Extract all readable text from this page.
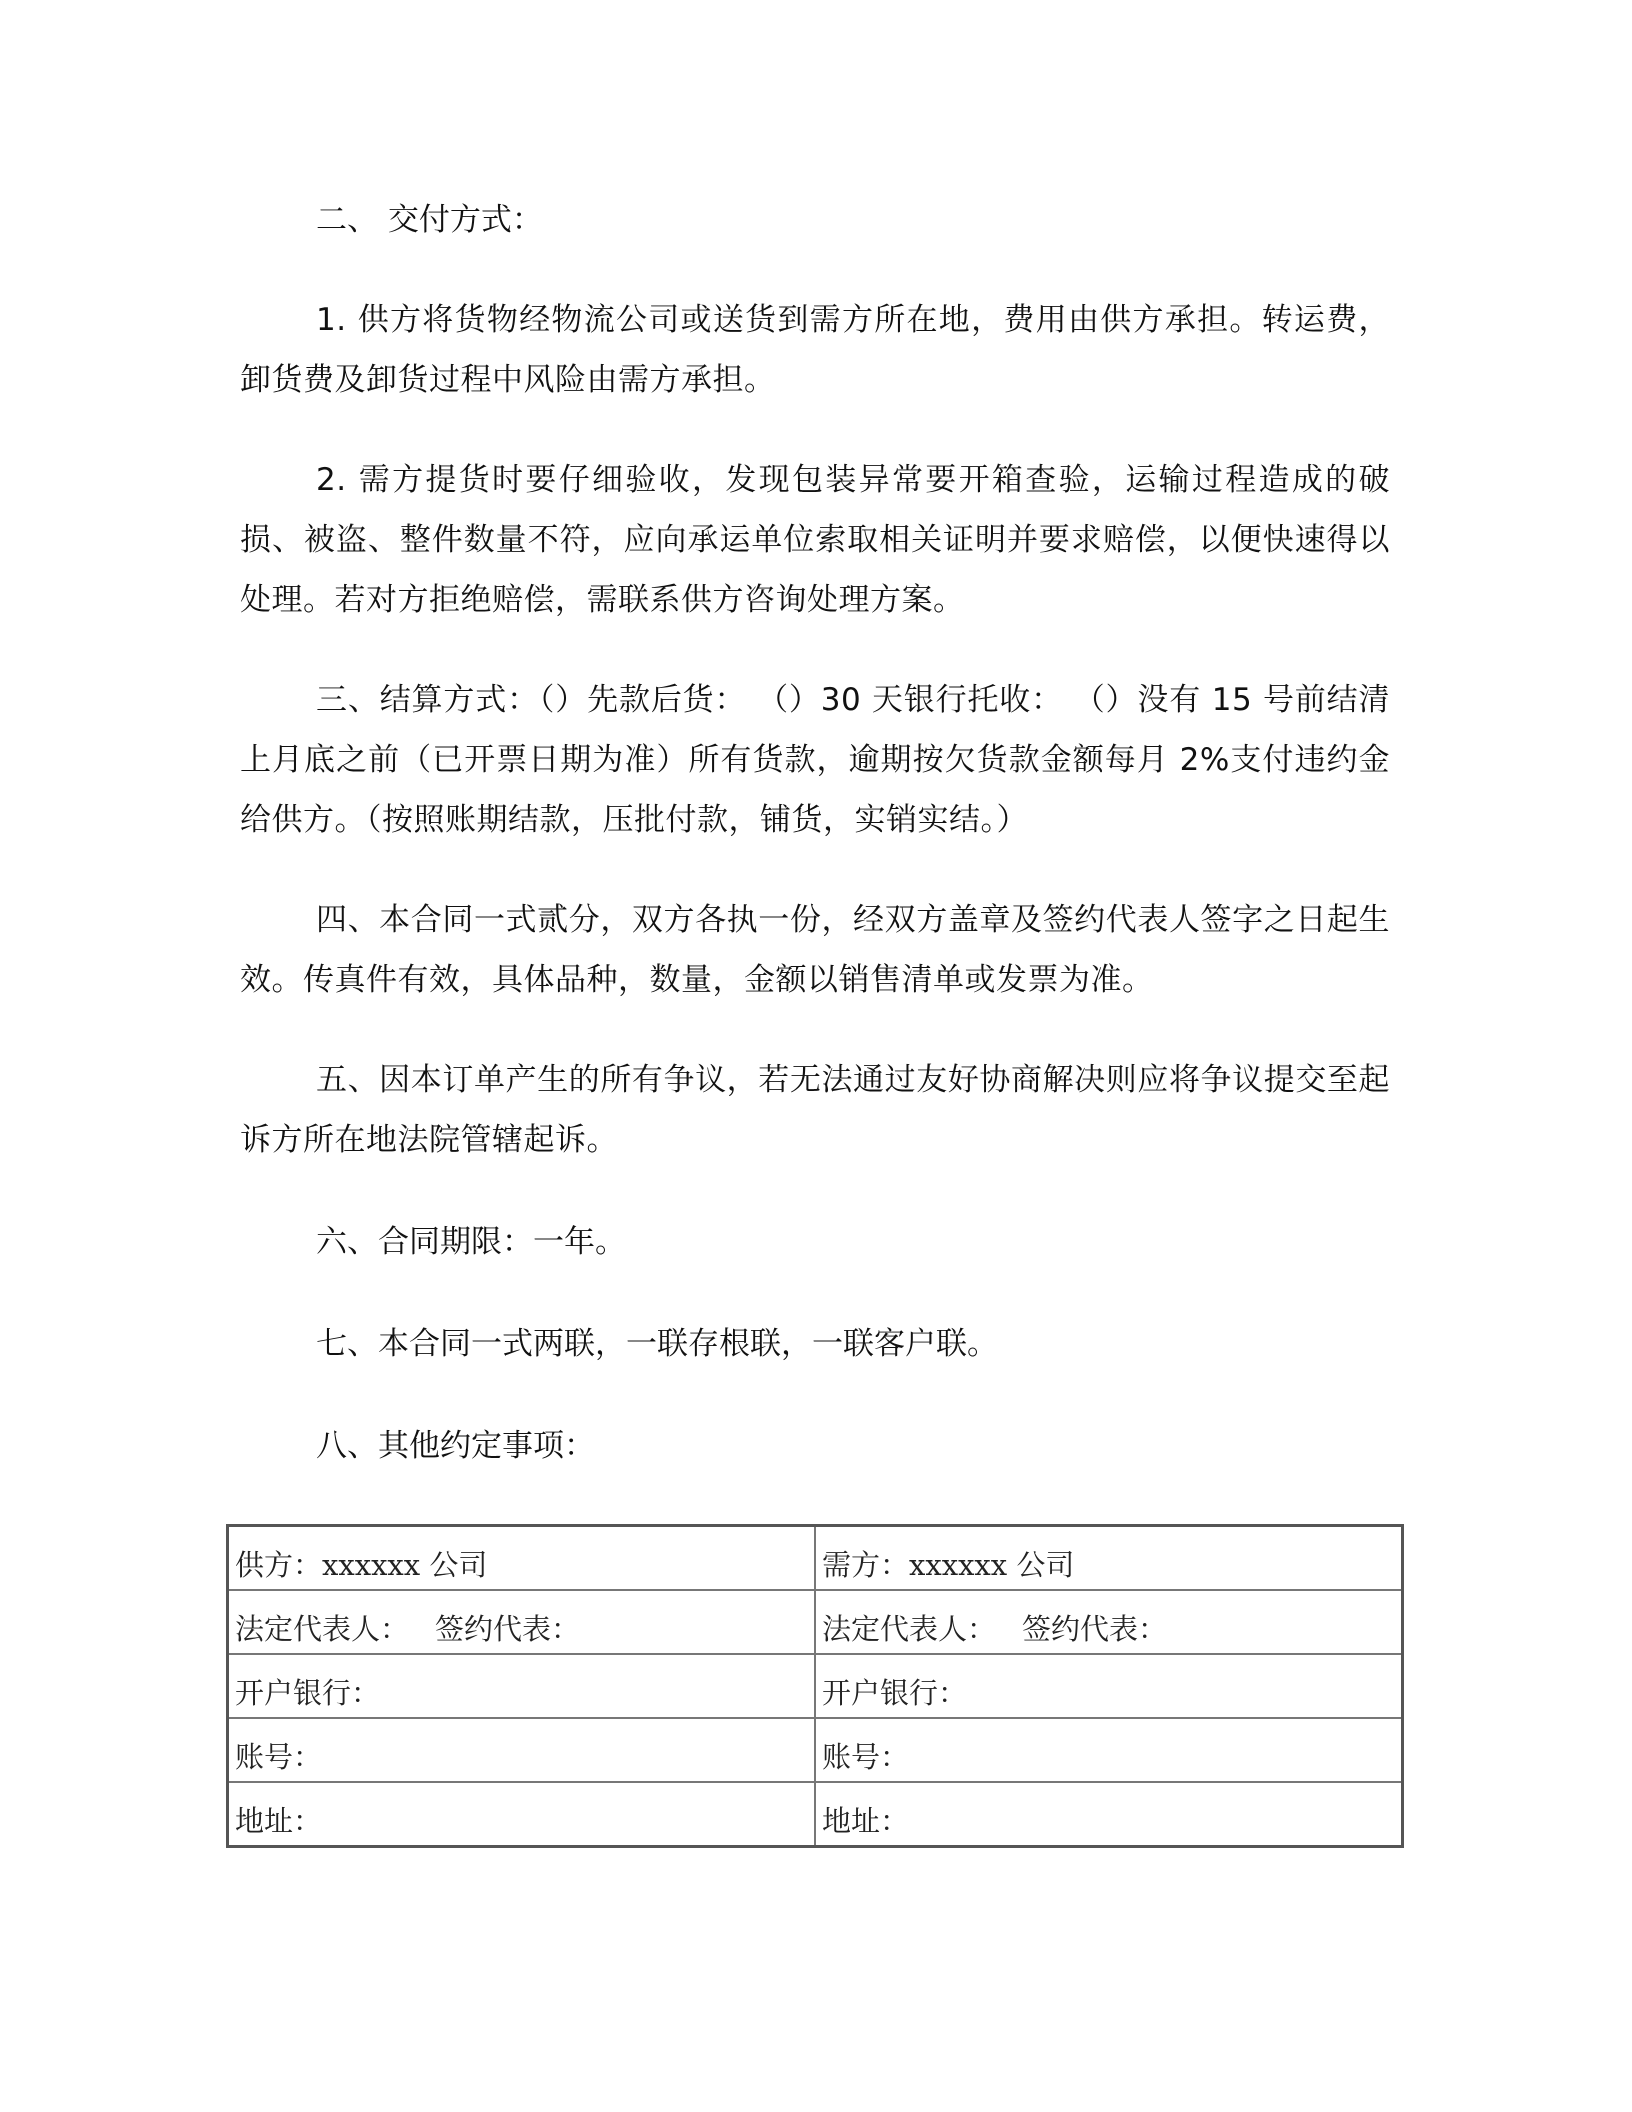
二、 交付方式：

1. 供方将货物经物流公司或送货到需方所在地，费用由供方承担。转运费，卸货费及卸货过程中风险由需方承担。

2. 需方提货时要仔细验收，发现包装异常要开箱查验，运输过程造成的破损、被盗、整件数量不符，应向承运单位索取相关证明并要求赔偿，以便快速得以处理。若对方拒绝赔偿，需联系供方咨询处理方案。

三、结算方式：（）先款后货： （）30 天银行托收： （）没有 15 号前结清上月底之前（已开票日期为准）所有货款，逾期按欠货款金额每月 2%支付违约金给供方。（按照账期结款，压批付款，铺货，实销实结。）

四、本合同一式贰分，双方各执一份，经双方盖章及签约代表人签字之日起生效。传真件有效，具体品种，数量，金额以销售清单或发票为准。

五、因本订单产生的所有争议，若无法通过友好协商解决则应将争议提交至起诉方所在地法院管辖起诉。

六、合同期限：一年。

七、本合同一式两联，一联存根联，一联客户联。

八、其他约定事项：

供方：xxxxxx 公司	需方：xxxxxx 公司
法定代表人： 签约代表：	法定代表人： 签约代表：
开户银行：	开户银行：
账号：	账号：
地址：	地址：
